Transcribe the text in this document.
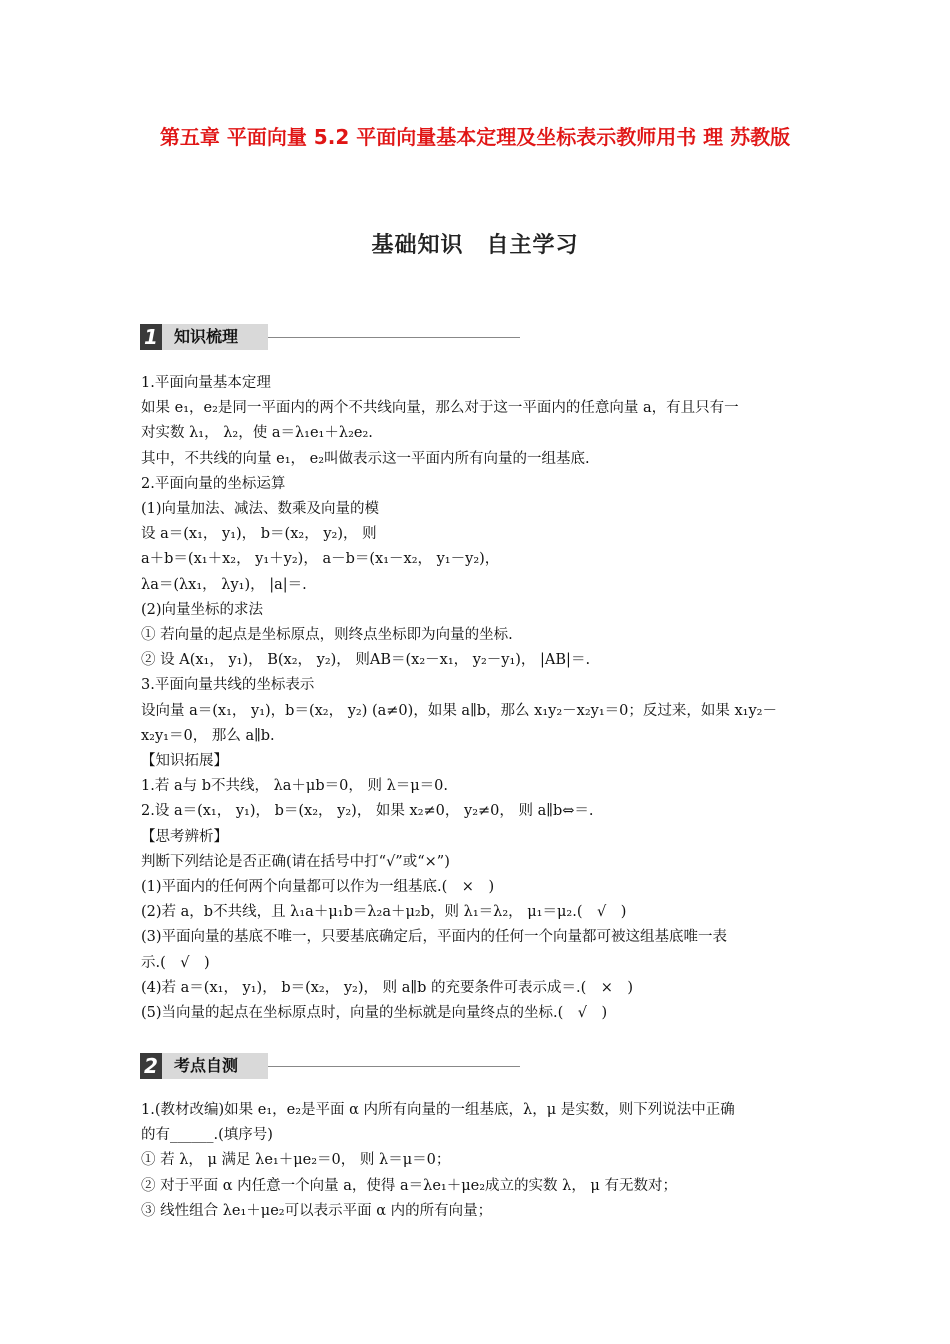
第五章 平面向量 5.2 平面向量基本定理及坐标表示教师用书 理 苏教版
基础知识　自主学习
1	知识梳理

1.平面向量基本定理

如果 e₁，e₂是同一平面内的两个不共线向量，那么对于这一平面内的任意向量 a，有且只有一

对实数 λ₁， λ₂，使 a＝λ₁e₁＋λ₂e₂.

其中，不共线的向量 e₁， e₂叫做表示这一平面内所有向量的一组基底.

2.平面向量的坐标运算

(1)向量加法、减法、数乘及向量的模

设 a＝(x₁， y₁)， b＝(x₂， y₂)， 则

a＋b＝(x₁＋x₂， y₁＋y₂)， a－b＝(x₁－x₂， y₁－y₂)，

λa＝(λx₁， λy₁)， |a|＝.

(2)向量坐标的求法

① 若向量的起点是坐标原点，则终点坐标即为向量的坐标.

② 设 A(x₁， y₁)， B(x₂， y₂)， 则AB＝(x₂－x₁， y₂－y₁)， |AB|＝.

3.平面向量共线的坐标表示

设向量 a＝(x₁， y₁)，b＝(x₂， y₂) (a≠0)，如果 a∥b，那么 x₁y₂－x₂y₁＝0；反过来，如果 x₁y₂－

x₂y₁＝0， 那么 a∥b.

【知识拓展】

1.若 a与 b不共线， λa＋μb＝0， 则 λ＝μ＝0.

2.设 a＝(x₁， y₁)， b＝(x₂， y₂)， 如果 x₂≠0， y₂≠0， 则 a∥b⇔＝.

【思考辨析】

判断下列结论是否正确(请在括号中打“√”或“×”)

(1)平面内的任何两个向量都可以作为一组基底.(　×　)

(2)若 a，b不共线，且 λ₁a＋μ₁b＝λ₂a＋μ₂b，则 λ₁＝λ₂， μ₁＝μ₂.(　√　)

(3)平面向量的基底不唯一，只要基底确定后，平面内的任何一个向量都可被这组基底唯一表

示.(　√　)

(4)若 a＝(x₁， y₁)， b＝(x₂， y₂)， 则 a∥b 的充要条件可表示成＝.(　×　)

(5)当向量的起点在坐标原点时，向量的坐标就是向量终点的坐标.(　√　)

2	考点自测

1.(教材改编)如果 e₁，e₂是平面 α 内所有向量的一组基底，λ，μ 是实数，则下列说法中正确

的有______.(填序号)

① 若 λ， μ 满足 λe₁＋μe₂＝0， 则 λ＝μ＝0；

② 对于平面 α 内任意一个向量 a，使得 a＝λe₁＋μe₂成立的实数 λ， μ 有无数对；

③ 线性组合 λe₁＋μe₂可以表示平面 α 内的所有向量；
